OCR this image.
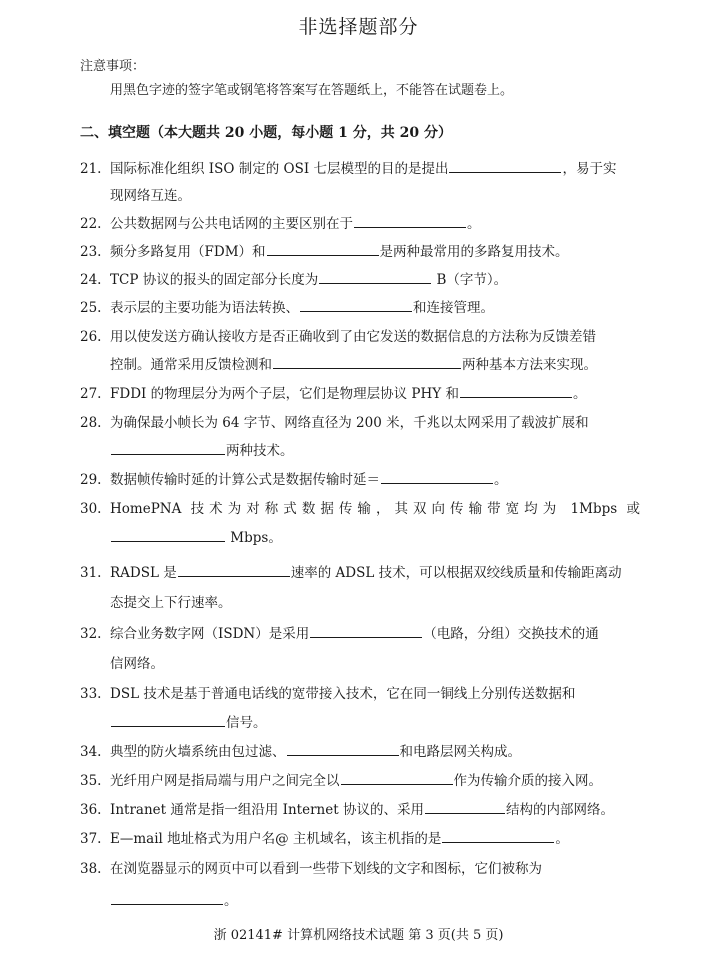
非选择题部分
注意事项：
用黑色字迹的签字笔或钢笔将答案写在答题纸上，不能答在试题卷上。
二、填空题（本大题共 20 小题，每小题 1 分，共 20 分）
21. 国际标准化组织 ISO 制定的 OSI 七层模型的目的是提出	，易于实
现网络互连。
22. 公共数据网与公共电话网的主要区别在于	。
23. 频分多路复用（FDM）和	是两种最常用的多路复用技术。
24. TCP 协议的报头的固定部分长度为	B（字节）。
25. 表示层的主要功能为语法转换、	和连接管理。
26. 用以使发送方确认接收方是否正确收到了由它发送的数据信息的方法称为反馈差错
控制。通常采用反馈检测和	两种基本方法来实现。
27. FDDI 的物理层分为两个子层，它们是物理层协议 PHY 和	。
28. 为确保最小帧长为 64 字节、网络直径为 200 米，千兆以太网采用了载波扩展和
两种技术。
29. 数据帧传输时延的计算公式是数据传输时延＝	。
30. HomePNA 技术为对称式数据传输，其双向传输带宽均为 1Mbps 或
Mbps。
31. RADSL 是	速率的 ADSL 技术，可以根据双绞线质量和传输距离动
态提交上下行速率。
32. 综合业务数字网（ISDN）是采用	（电路，分组）交换技术的通
信网络。
33. DSL 技术是基于普通电话线的宽带接入技术，它在同一铜线上分别传送数据和
信号。
34. 典型的防火墙系统由包过滤、	和电路层网关构成。
35. 光纤用户网是指局端与用户之间完全以	作为传输介质的接入网。
36. Intranet 通常是指一组沿用 Internet 协议的、采用	结构的内部网络。
37. E—mail 地址格式为用户名@ 主机域名，该主机指的是	。
38. 在浏览器显示的网页中可以看到一些带下划线的文字和图标，它们被称为
。
浙 02141# 计算机网络技术试题 第 3 页(共 5 页)
